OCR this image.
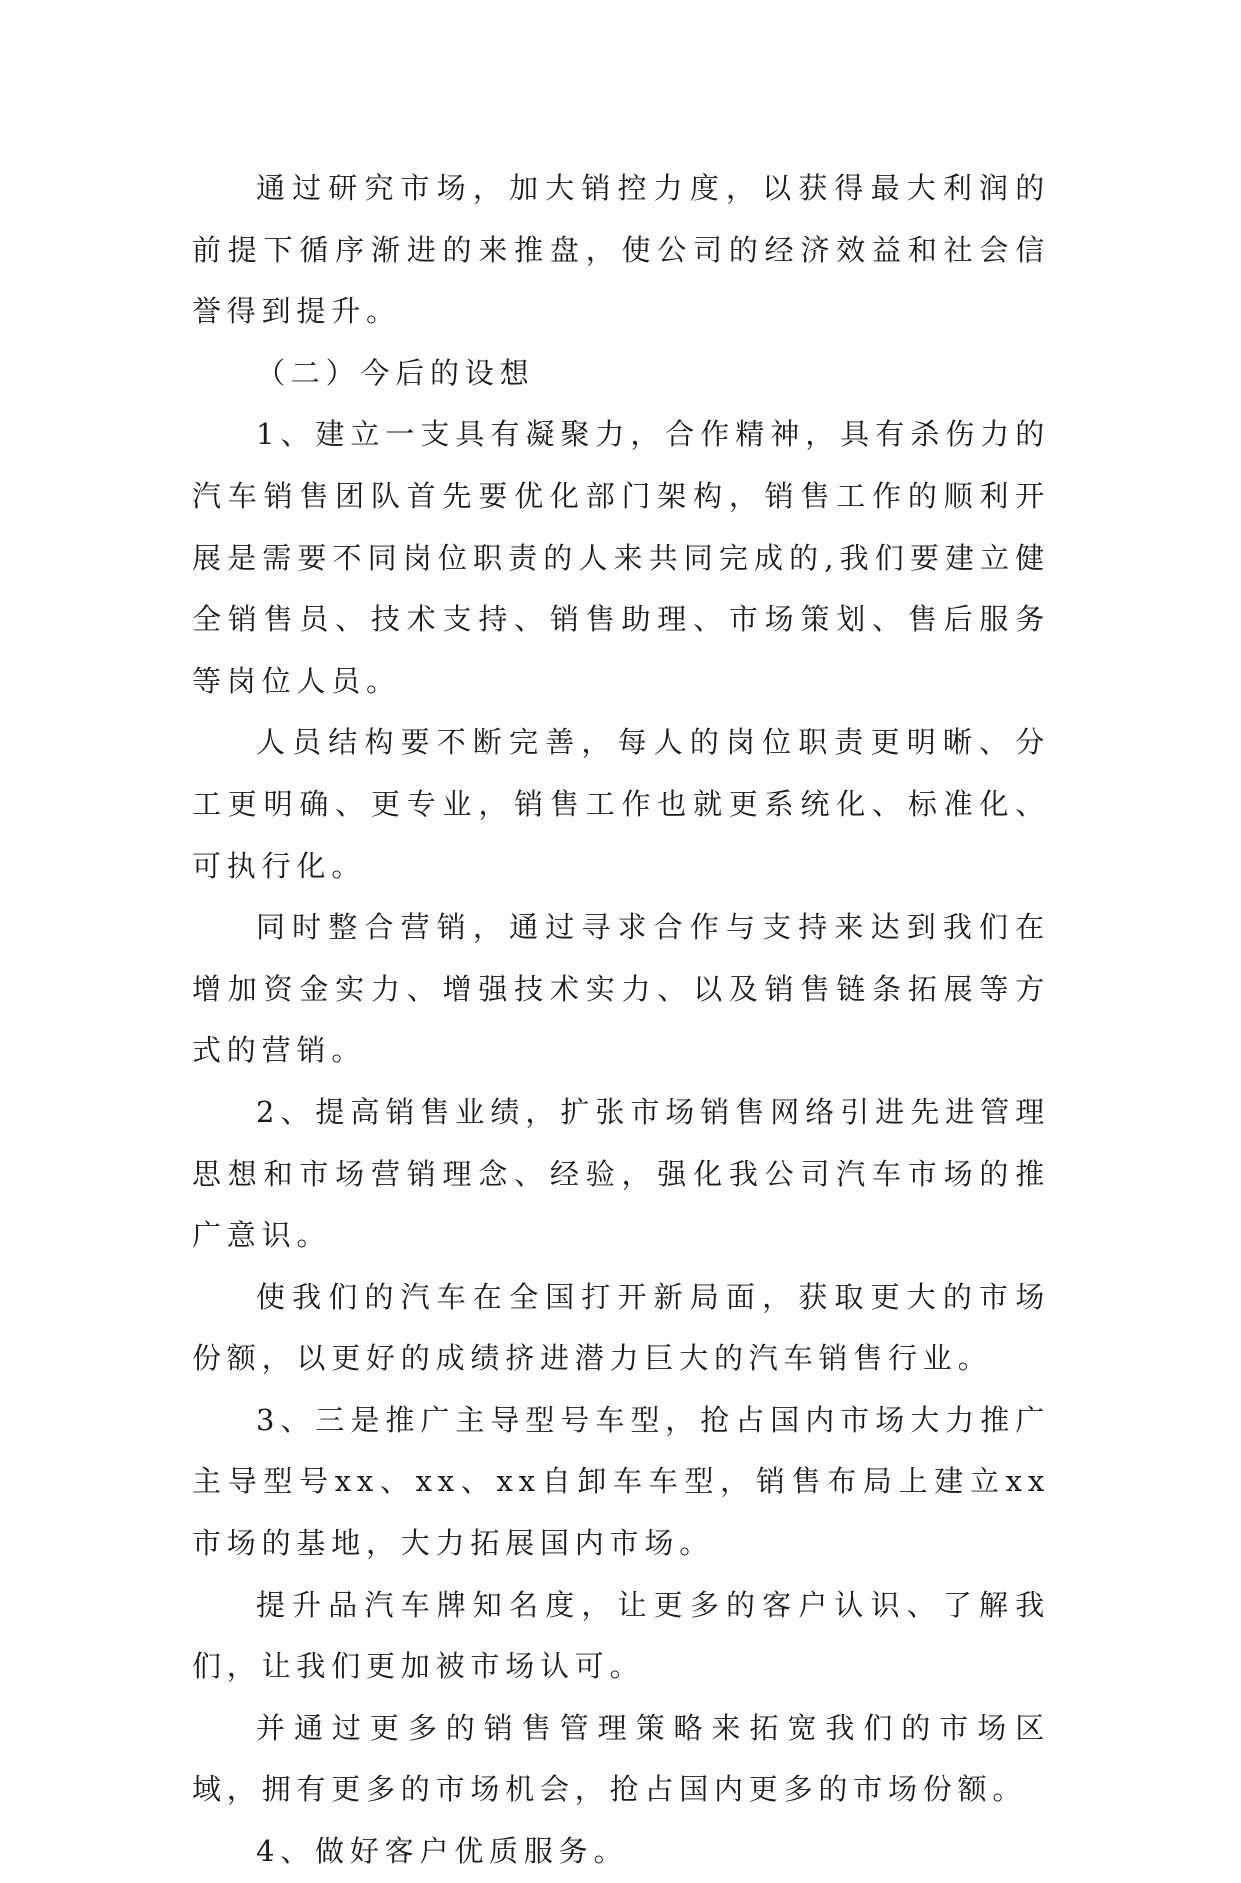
通过研究市场，加大销控力度，以获得最大利润的前提下循序渐进的来推盘，使公司的经济效益和社会信誉得到提升。

（二）今后的设想

1、建立一支具有凝聚力，合作精神，具有杀伤力的汽车销售团队首先要优化部门架构，销售工作的顺利开展是需要不同岗位职责的人来共同完成的,我们要建立健全销售员、技术支持、销售助理、市场策划、售后服务等岗位人员。

人员结构要不断完善，每人的岗位职责更明晰、分工更明确、更专业，销售工作也就更系统化、标准化、可执行化。

同时整合营销，通过寻求合作与支持来达到我们在增加资金实力、增强技术实力、以及销售链条拓展等方式的营销。

2、提高销售业绩，扩张市场销售网络引进先进管理思想和市场营销理念、经验，强化我公司汽车市场的推广意识。

使我们的汽车在全国打开新局面，获取更大的市场份额，以更好的成绩挤进潜力巨大的汽车销售行业。

3、三是推广主导型号车型，抢占国内市场大力推广主导型号xx、xx、xx自卸车车型，销售布局上建立xx市场的基地，大力拓展国内市场。

提升品汽车牌知名度，让更多的客户认识、了解我们，让我们更加被市场认可。

并通过更多的销售管理策略来拓宽我们的市场区域，拥有更多的市场机会，抢占国内更多的市场份额。

4、做好客户优质服务。
